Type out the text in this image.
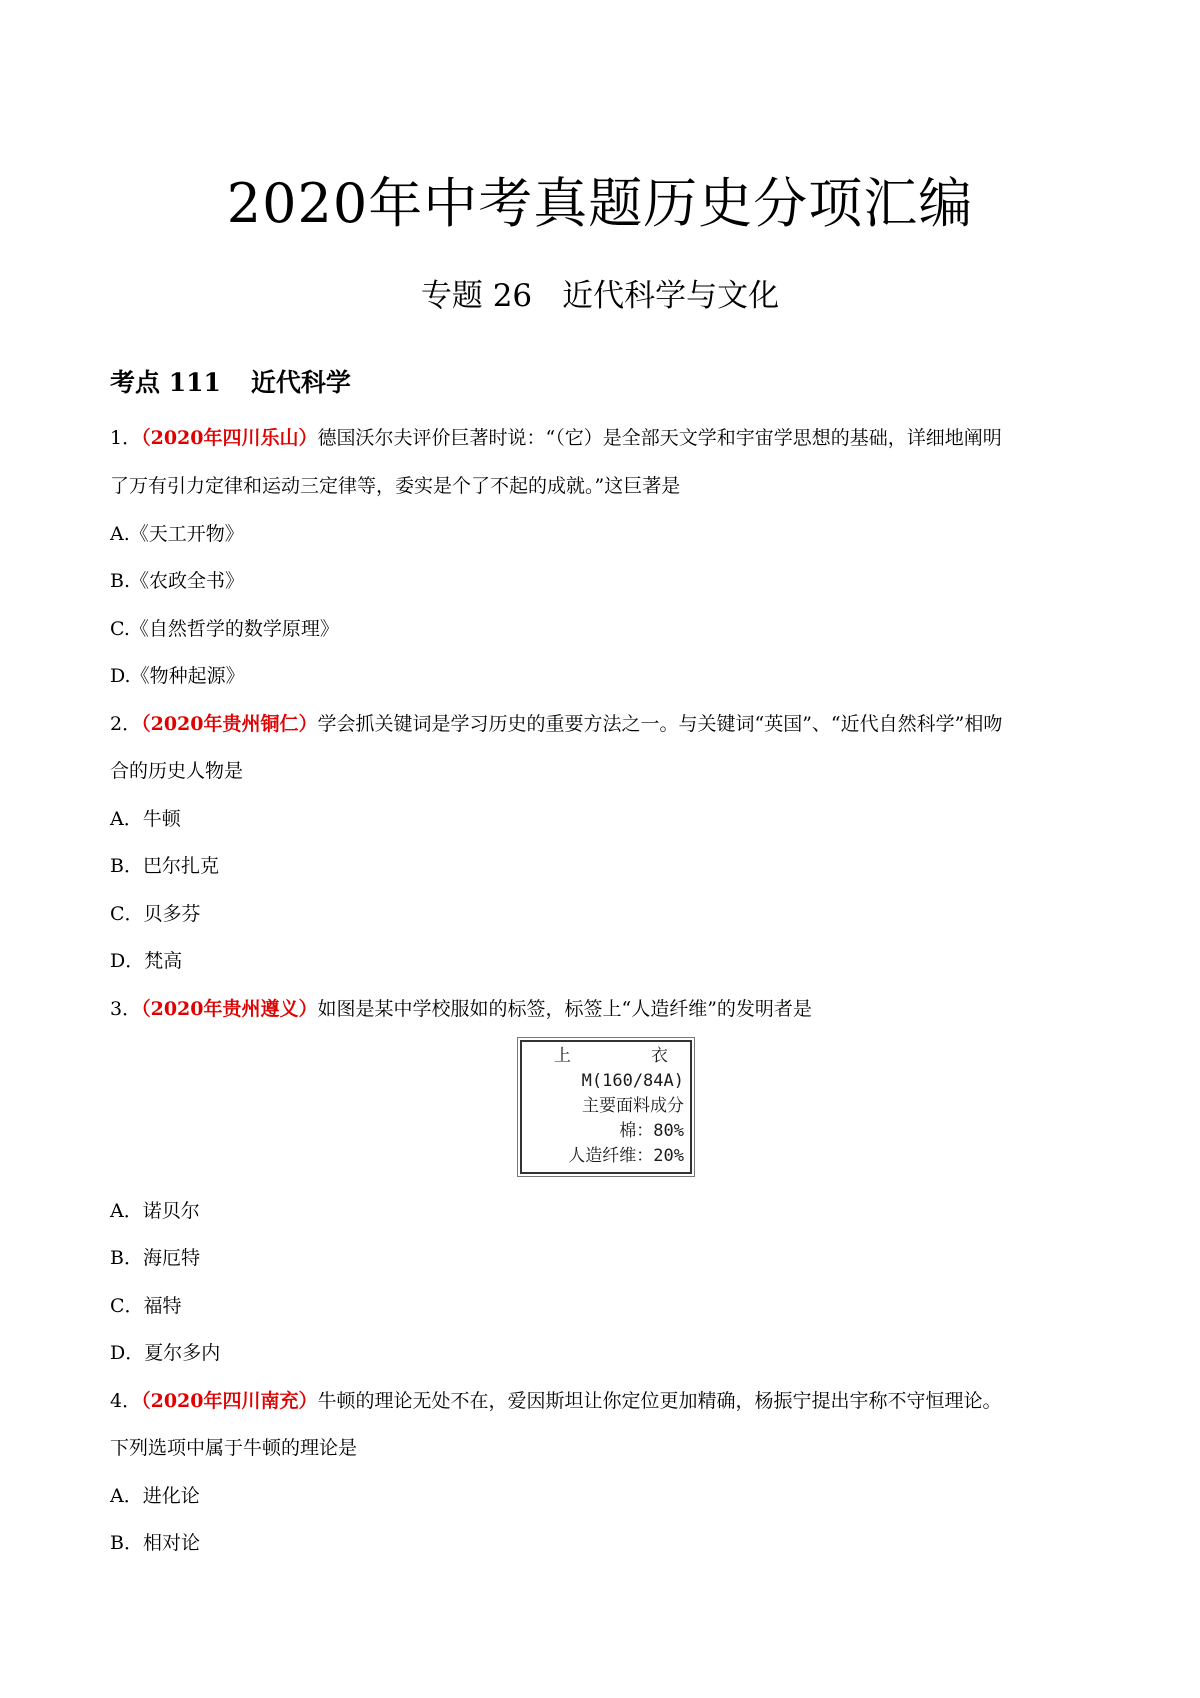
2020年中考真题历史分项汇编
专题 26 近代科学与文化
考点 111 近代科学
1．（2020年四川乐山）德国沃尔夫评价巨著时说：“（它）是全部天文学和宇宙学思想的基础，详细地阐明
了万有引力定律和运动三定律等，委实是个了不起的成就。”这巨著是
A.《天工开物》
B.《农政全书》
C.《自然哲学的数学原理》
D.《物种起源》
2．（2020年贵州铜仁）学会抓关键词是学习历史的重要方法之一。与关键词“英国”、“近代自然科学”相吻
合的历史人物是
A．牛顿
B．巴尔扎克
C．贝多芬
D．梵高
3．（2020年贵州遵义）如图是某中学校服如的标签，标签上“人造纤维”的发明者是
上	衣
M(160/84A)
主要面料成分
棉：80%
人造纤维：20%
A．诺贝尔
B．海厄特
C．福特
D．夏尔多内
4．（2020年四川南充）牛顿的理论无处不在，爱因斯坦让你定位更加精确，杨振宁提出宇称不守恒理论。
下列选项中属于牛顿的理论是
A．进化论
B．相对论
